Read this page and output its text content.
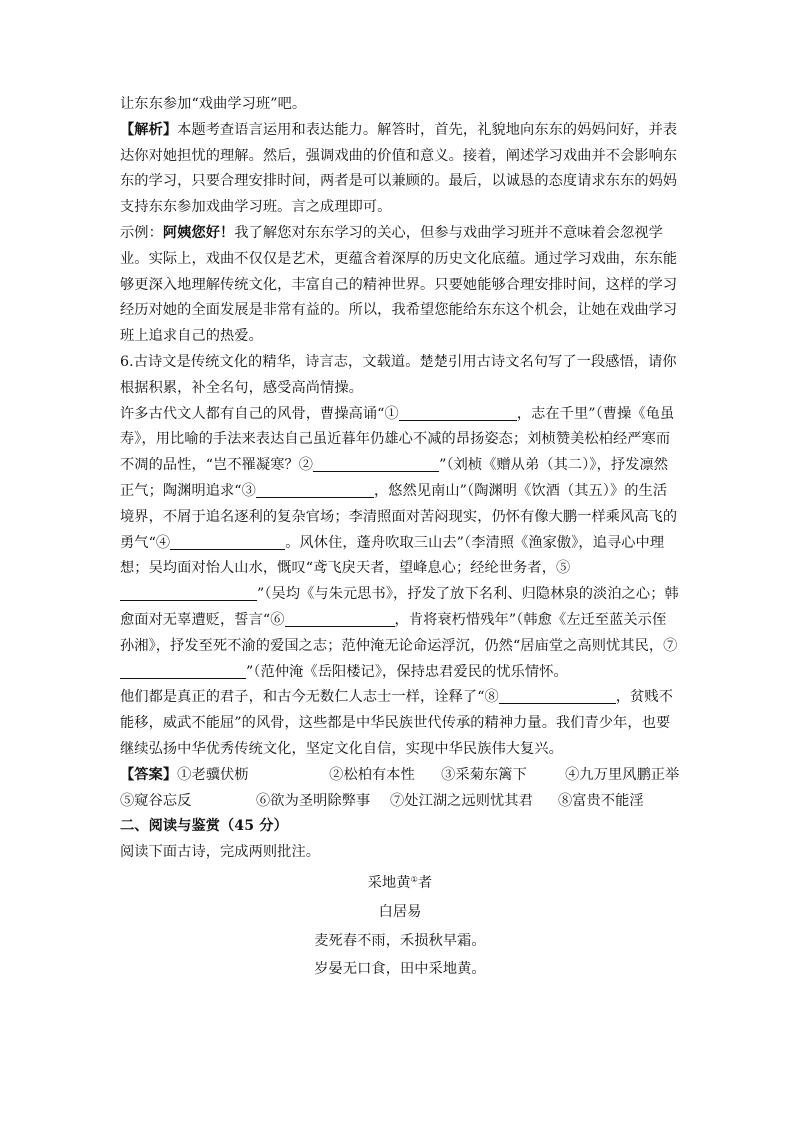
让东东参加“戏曲学习班”吧。

【解析】本题考查语言运用和表达能力。解答时，首先，礼貌地向东东的妈妈问好，并表达你对她担忧的理解。然后，强调戏曲的价值和意义。接着，阐述学习戏曲并不会影响东东的学习，只要合理安排时间，两者是可以兼顾的。最后，以诚恳的态度请求东东的妈妈支持东东参加戏曲学习班。言之成理即可。

示例：阿姨您好！我了解您对东东学习的关心，但参与戏曲学习班并不意味着会忽视学业。实际上，戏曲不仅仅是艺术，更蕴含着深厚的历史文化底蕴。通过学习戏曲，东东能够更深入地理解传统文化，丰富自己的精神世界。只要她能够合理安排时间，这样的学习经历对她的全面发展是非常有益的。所以，我希望您能给东东这个机会，让她在戏曲学习班上追求自己的热爱。

6.古诗文是传统文化的精华，诗言志，文载道。楚楚引用古诗文名句写了一段感悟，请你根据积累，补全名句，感受高尚情操。

许多古代文人都有自己的风骨，曹操高诵“①	，志在千里”（曹操《龟虽寿》，用比喻的手法来表达自己虽近暮年仍雄心不减的昂扬姿态；刘桢赞美松柏经严寒而不凋的品性，“岂不罹凝寒？②	”（刘桢《赠从弟（其二）》，抒发凛然正气；陶渊明追求“③	，悠然见南山”（陶渊明《饮酒（其五）》的生活境界，不屑于追名逐利的复杂官场；李清照面对苦闷现实，仍怀有像大鹏一样乘风高飞的勇气“④	。风休住，蓬舟吹取三山去”（李清照《渔家傲》，追寻心中理想；吴均面对怡人山水，慨叹“鸢飞戾天者，望峰息心；经纶世务者，⑤”（吴均《与朱元思书》，抒发了放下名利、归隐林泉的淡泊之心；韩愈面对无辜遭贬，誓言“⑥	，肯将衰朽惜残年”（韩愈《左迁至蓝关示侄孙湘》，抒发至死不渝的爱国之志；范仲淹无论命运浮沉，仍然“居庙堂之高则忧其民，⑦”（范仲淹《岳阳楼记》，保持忠君爱民的忧乐情怀。

他们都是真正的君子，和古今无数仁人志士一样，诠释了“⑧	，贫贱不能移，威武不能屈”的风骨，这些都是中华民族世代传承的精神力量。我们青少年，也要继续弘扬中华优秀传统文化，坚定文化自信，实现中华民族伟大复兴。

【答案】 ①老骥伏枥	②松柏有本性	③采菊东篱下	④九万里风鹏正举
⑤窥谷忘反	⑥欲为圣明除弊事	⑦处江湖之远则忧其君	⑧富贵不能淫

二、阅读与鉴赏（45 分）

阅读下面古诗，完成两则批注。

采地黄①者

白居易

麦死春不雨，禾损秋早霜。

岁晏无口食，田中采地黄。
